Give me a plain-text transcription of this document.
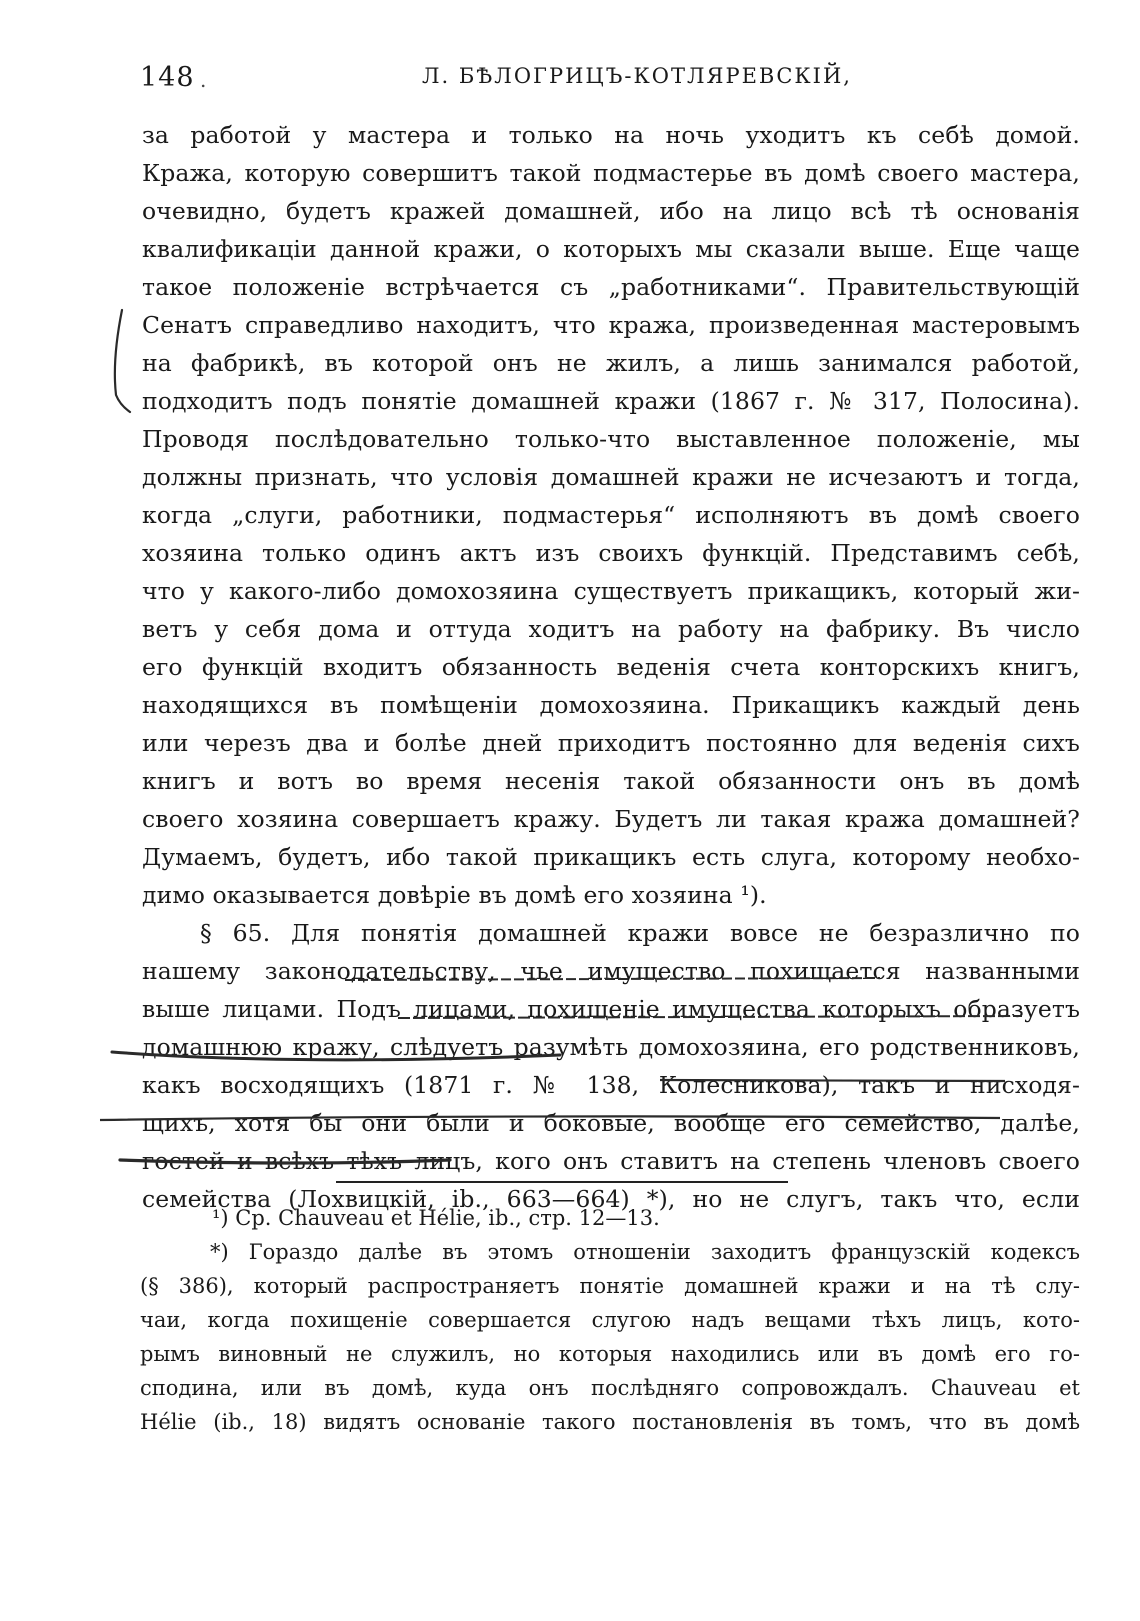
148 .	Л. БѢЛОГРИЦЪ-КОТЛЯРЕВСКІЙ,
за работой у мастера и только на ночь уходитъ къ себѣ домой.
Кража, которую совершитъ такой подмастерье въ домѣ своего мастера,
очевидно, будетъ кражей домашней, ибо на лицо всѣ тѣ основанія
квалификаціи данной кражи, о которыхъ мы сказали выше. Еще чаще
такое положеніе встрѣчается съ „работниками“. Правительствующій
Сенатъ справедливо находитъ, что кража, произведенная мастеровымъ
на фабрикѣ, въ которой онъ не жилъ, а лишь занимался работой,
подходитъ подъ понятіе домашней кражи (1867 г. № 317, Полосина).
Проводя послѣдовательно только-что выставленное положеніе, мы
должны признать, что условія домашней кражи не исчезаютъ и тогда,
когда „слуги, работники, подмастерья“ исполняютъ въ домѣ своего
хозяина только одинъ актъ изъ своихъ функцій. Представимъ себѣ,
что у какого-либо домохозяина существуетъ прикащикъ, который жи-
ветъ у себя дома и оттуда ходитъ на работу на фабрику. Въ число
его функцій входитъ обязанность веденія счета конторскихъ книгъ,
находящихся въ помѣщеніи домохозяина. Прикащикъ каждый день
или черезъ два и болѣе дней приходитъ постоянно для веденія сихъ
книгъ и вотъ во время несенія такой обязанности онъ въ домѣ
своего хозяина совершаетъ кражу. Будетъ ли такая кража домашней?
Думаемъ, будетъ, ибо такой прикащикъ есть слуга, которому необхо-
димо оказывается довѣріе въ домѣ его хозяина ¹).
§ 65. Для понятія домашней кражи вовсе не безразлично по
нашему законодательству, чье имущество похищается названными
выше лицами. Подъ лицами, похищеніе имущества которыхъ образуетъ
домашнюю кражу, слѣдуетъ разумѣть домохозяина, его родственниковъ,
какъ восходящихъ (1871 г. № 138, Колесникова), такъ и нисходя-
щихъ, хотя бы они были и боковые, вообще его семейство, далѣе,
гостей и всѣхъ тѣхъ лицъ, кого онъ ставитъ на степень членовъ своего
семейства (Лохвицкій, ib., 663—664) *), но не слугъ, такъ что, если
¹) Ср. Chauveau et Hélie, ib., стр. 12—13.
*) Гораздо далѣе въ этомъ отношеніи заходитъ французскій кодексъ
(§ 386), который распространяетъ понятіе домашней кражи и на тѣ слу-
чаи, когда похищеніе совершается слугою надъ вещами тѣхъ лицъ, кото-
рымъ виновный не служилъ, но которыя находились или въ домѣ его го-
сподина, или въ домѣ, куда онъ послѣдняго сопровождалъ. Chauveau et
Hélie (ib., 18) видятъ основаніе такого постановленія въ томъ, что въ домѣ
